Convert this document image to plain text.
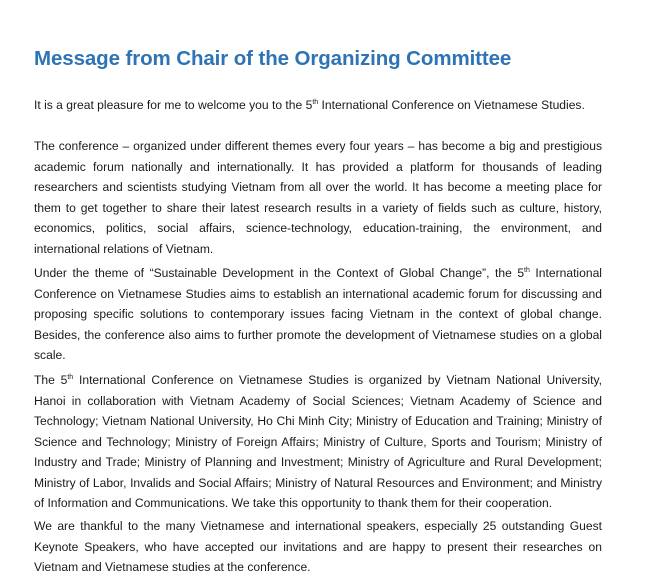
Message from Chair of the Organizing Committee

It is a great pleasure for me to welcome you to the 5th International Conference on Vietnamese Studies.

The conference – organized under different themes every four years – has become a big and prestigious academic forum nationally and internationally. It has provided a platform for thousands of leading researchers and scientists studying Vietnam from all over the world. It has become a meeting place for them to get together to share their latest research results in a variety of fields such as culture, history, economics, politics, social affairs, science-technology, education-training, the environment, and international relations of Vietnam.

Under the theme of “Sustainable Development in the Context of Global Change”, the 5th International Conference on Vietnamese Studies aims to establish an international academic forum for discussing and proposing specific solutions to contemporary issues facing Vietnam in the context of global change. Besides, the conference also aims to further promote the development of Vietnamese studies on a global scale.

The 5th International Conference on Vietnamese Studies is organized by Vietnam National University, Hanoi in collaboration with Vietnam Academy of Social Sciences; Vietnam Academy of Science and Technology; Vietnam National University, Ho Chi Minh City; Ministry of Education and Training; Ministry of Science and Technology; Ministry of Foreign Affairs; Ministry of Culture, Sports and Tourism; Ministry of Industry and Trade; Ministry of Planning and Investment; Ministry of Agriculture and Rural Development; Ministry of Labor, Invalids and Social Affairs; Ministry of Natural Resources and Environment; and Ministry of Information and Communications. We take this opportunity to thank them for their cooperation.

We are thankful to the many Vietnamese and international speakers, especially 25 outstanding Guest Keynote Speakers, who have accepted our invitations and are happy to present their researches on Vietnam and Vietnamese studies at the conference.
